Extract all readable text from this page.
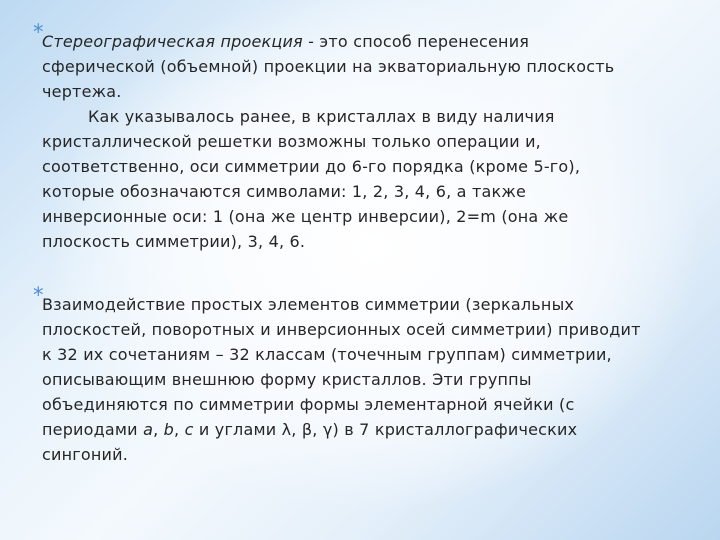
*
Стереографическая проекция - это способ перенесения
сферической (объемной) проекции на экваториальную плоскость
чертежа.
Как указывалось ранее, в кристаллах в виду наличия
кристаллической решетки возможны только операции и,
соответственно, оси симметрии до 6-го порядка (кроме 5-го),
которые обозначаются символами: 1, 2, 3, 4, 6, а также
инверсионные оси: 1 (она же центр инверсии), 2=m (она же
плоскость симметрии), 3, 4, 6.
*
Взаимодействие простых элементов симметрии (зеркальных
плоскостей, поворотных и инверсионных осей симметрии) приводит
к 32 их сочетаниям – 32 классам (точечным группам) симметрии,
описывающим внешнюю форму кристаллов. Эти группы
объединяются по симметрии формы элементарной ячейки (с
периодами a, b, c и углами λ, β, γ) в 7 кристаллографических
сингоний.
